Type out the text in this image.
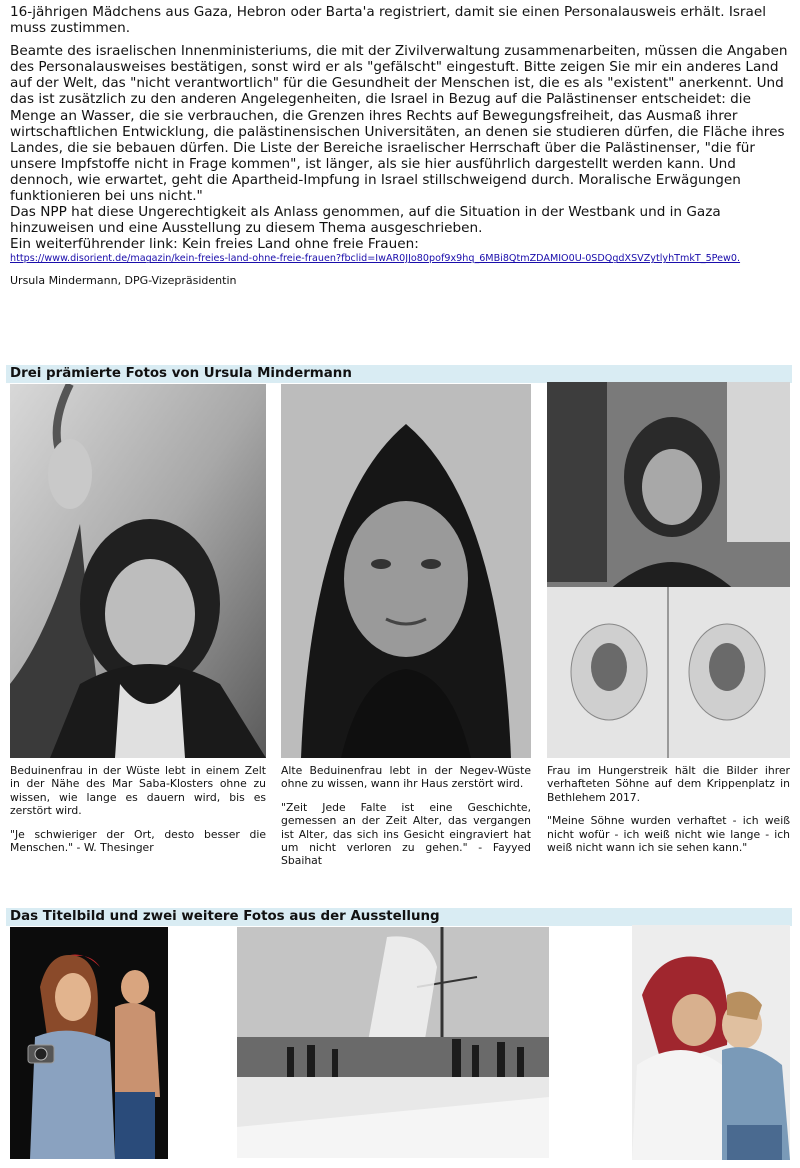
16-jährigen Mädchens aus Gaza, Hebron oder Barta'a registriert, damit sie einen Personalausweis erhält. Israel muss zustimmen.

Beamte des israelischen Innenministeriums, die mit der Zivilverwaltung zusammenarbeiten, müssen die Angaben des Personalausweises bestätigen, sonst wird er als "gefälscht" eingestuft. Bitte zeigen Sie mir ein anderes Land auf der Welt, das "nicht verantwortlich" für die Gesundheit der Menschen ist, die es als "existent" anerkennt. Und das ist zusätzlich zu den anderen Angelegenheiten, die Israel in Bezug auf die Palästinenser entscheidet: die Menge an Wasser, die sie verbrauchen, die Grenzen ihres Rechts auf Bewegungsfreiheit, das Ausmaß ihrer wirtschaftlichen Entwicklung, die palästinensischen Universitäten, an denen sie studieren dürfen, die Fläche ihres Landes, die sie bebauen dürfen. Die Liste der Bereiche israelischer Herrschaft über die Palästinenser, "die für unsere Impfstoffe nicht in Frage kommen", ist länger, als sie hier ausführlich dargestellt werden kann. Und dennoch, wie erwartet, geht die Apartheid-Impfung in Israel stillschweigend durch. Moralische Erwägungen funktionieren bei uns nicht."

Das NPP hat diese Ungerechtigkeit als Anlass genommen, auf die Situation in der Westbank und in Gaza hinzuweisen und eine Ausstellung zu diesem Thema ausgeschrieben.

Ein weiterführender link: Kein freies Land ohne freie Frauen:

https://www.disorient.de/magazin/kein-freies-land-ohne-freie-frauen?fbclid=IwAR0JJo80pof9x9hq_6MBi8QtmZDAMIO0U-0SDQgdXSVZytlyhTmkT_5Pew0.
Ursula Mindermann, DPG-Vizepräsidentin
Drei prämierte Fotos von Ursula Mindermann

Beduinenfrau in der Wüste lebt in einem Zelt in der Nähe des Mar Saba-Klosters ohne zu wissen, wie lange es dauern wird, bis es zerstört wird.

"Je schwieriger der Ort, desto besser die Menschen." - W. Thesinger

Alte Beduinenfrau lebt in der Negev-Wüste ohne zu wissen, wann ihr Haus zerstört wird.

"Zeit Jede Falte ist eine Geschichte, gemessen an der Zeit Alter, das vergangen ist Alter, das sich ins Gesicht eingraviert hat um nicht verloren zu gehen." - Fayyed Sbaihat

Frau im Hungerstreik hält die Bilder ihrer verhafteten Söhne auf dem Krippenplatz in Bethlehem 2017.

"Meine Söhne wurden verhaftet - ich weiß nicht wofür - ich weiß nicht wie lange - ich weiß nicht wann ich sie sehen kann."

Das Titelbild und zwei weitere Fotos aus der Ausstellung
